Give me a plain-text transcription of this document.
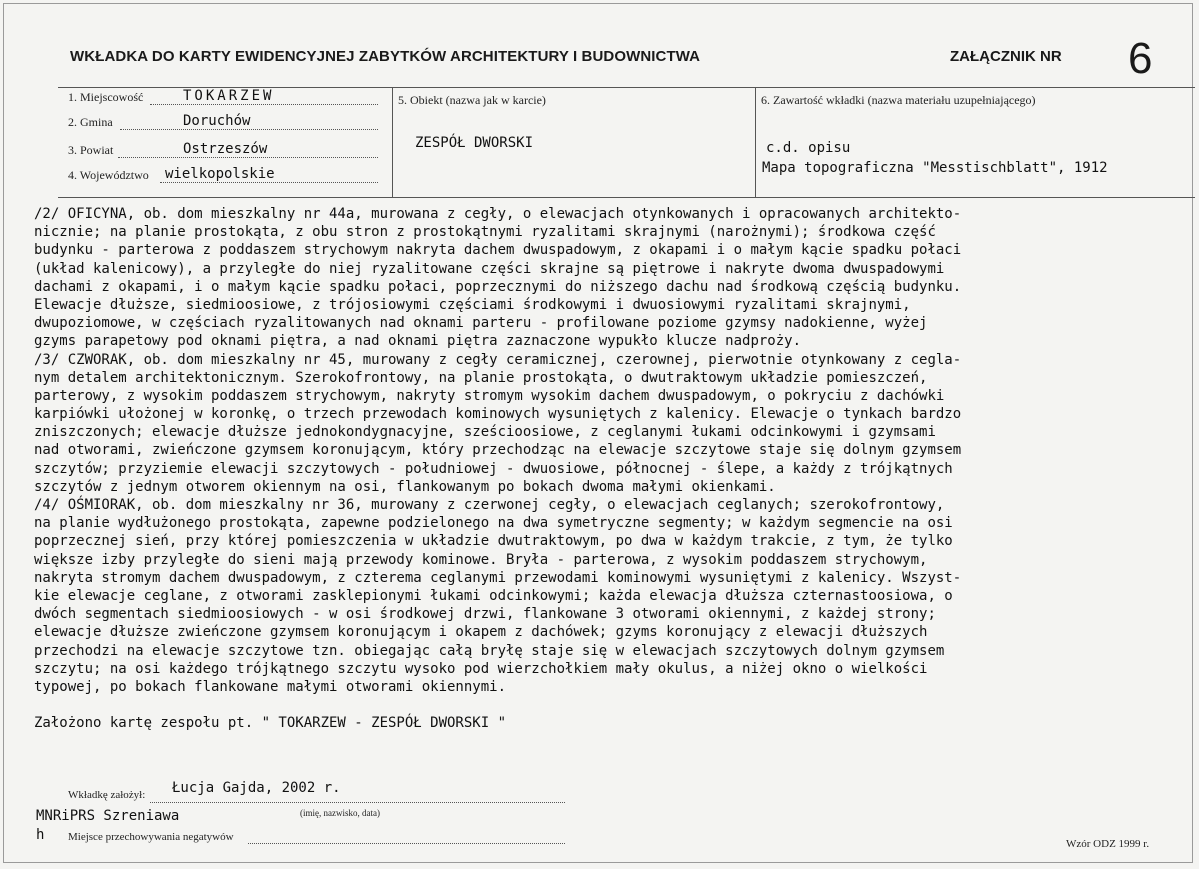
WKŁADKA DO KARTY EWIDENCYJNEJ ZABYTKÓW ARCHITEKTURY I BUDOWNICTWA	ZAŁĄCZNIK NR 6
1. Miejscowość	TOKARZEW
2. Gmina	Doruchów
3. Powiat	Ostrzeszów
4. Województwo wielkopolskie
5. Obiekt (nazwa jak w karcie)
ZESPÓŁ DWORSKI
6. Zawartość wkładki (nazwa materiału uzupełniającego)
c.d. opisu
Mapa topograficzna "Messtischblatt", 1912
/2/ OFICYNA, ob. dom mieszkalny nr 44a, murowana z cegły, o elewacjach otynkowanych i opracowanych architekto-
nicznie; na planie prostokąta, z obu stron z prostokątnymi ryzalitami skrajnymi (narożnymi); środkowa część
budynku - parterowa z poddaszem strychowym nakryta dachem dwuspadowym, z okapami i o małym kącie spadku połaci
(układ kalenicowy), a przyległe do niej ryzalitowane części skrajne są piętrowe i nakryte dwoma dwuspadowymi
dachami z okapami, i o małym kącie spadku połaci, poprzecznymi do niższego dachu nad środkową częścią budynku.
Elewacje dłuższe, siedmioosiowe, z trójosiowymi częściami środkowymi i dwuosiowymi ryzalitami skrajnymi,
dwupoziomowe, w częściach ryzalitowanych nad oknami parteru - profilowane poziome gzymsy nadokienne, wyżej
gzyms parapetowy pod oknami piętra, a nad oknami piętra zaznaczone wypukło klucze nadproży.
/3/ CZWORAK, ob. dom mieszkalny nr 45, murowany z cegły ceramicznej, czerownej, pierwotnie otynkowany z cegla-
nym detalem architektonicznym. Szerokofrontowy, na planie prostokąta, o dwutraktowym układzie pomieszczeń,
parterowy, z wysokim poddaszem strychowym, nakryty stromym wysokim dachem dwuspadowym, o pokryciu z dachówki
karpiówki ułożonej w koronkę, o trzech przewodach kominowych wysuniętych z kalenicy. Elewacje o tynkach bardzo
zniszczonych; elewacje dłuższe jednokondygnacyjne, sześcioosiowe, z ceglanymi łukami odcinkowymi i gzymsami
nad otworami, zwieńczone gzymsem koronującym, który przechodząc na elewacje szczytowe staje się dolnym gzymsem
szczytów; przyziemie elewacji szczytowych - południowej - dwuosiowe, północnej - ślepe, a każdy z trójkątnych
szczytów z jednym otworem okiennym na osi, flankowanym po bokach dwoma małymi okienkami.
/4/ OŚMIORAK, ob. dom mieszkalny nr 36, murowany z czerwonej cegły, o elewacjach ceglanych; szerokofrontowy,
na planie wydłużonego prostokąta, zapewne podzielonego na dwa symetryczne segmenty; w każdym segmencie na osi
poprzecznej sień, przy której pomieszczenia w układzie dwutraktowym, po dwa w każdym trakcie, z tym, że tylko
większe izby przyległe do sieni mają przewody kominowe. Bryła - parterowa, z wysokim poddaszem strychowym,
nakryta stromym dachem dwuspadowym, z czterema ceglanymi przewodami kominowymi wysuniętymi z kalenicy. Wszyst-
kie elewacje ceglane, z otworami zasklepionymi łukami odcinkowymi; każda elewacja dłuższa czternastoosiowa, o
dwóch segmentach siedmioosiowych - w osi środkowej drzwi, flankowane 3 otworami okiennymi, z każdej strony;
elewacje dłuższe zwieńczone gzymsem koronującym i okapem z dachówek; gzyms koronujący z elewacji dłuższych
przechodzi na elewacje szczytowe tzn. obiegając całą bryłę staje się w elewacjach szczytowych dolnym gzymsem
szczytu; na osi każdego trójkątnego szczytu wysoko pod wierzchołkiem mały okulus, a niżej okno o wielkości
typowej, po bokach flankowane małymi otworami okiennymi.
Założono kartę zespołu pt. " TOKARZEW - ZESPÓŁ DWORSKI "
Wkładkę założył: Łucja Gajda, 2002 r.
(imię, nazwisko, data)
MNRiPRS Szreniawa
h Miejsce przechowywania negatywów
Wzór ODZ 1999 r.
